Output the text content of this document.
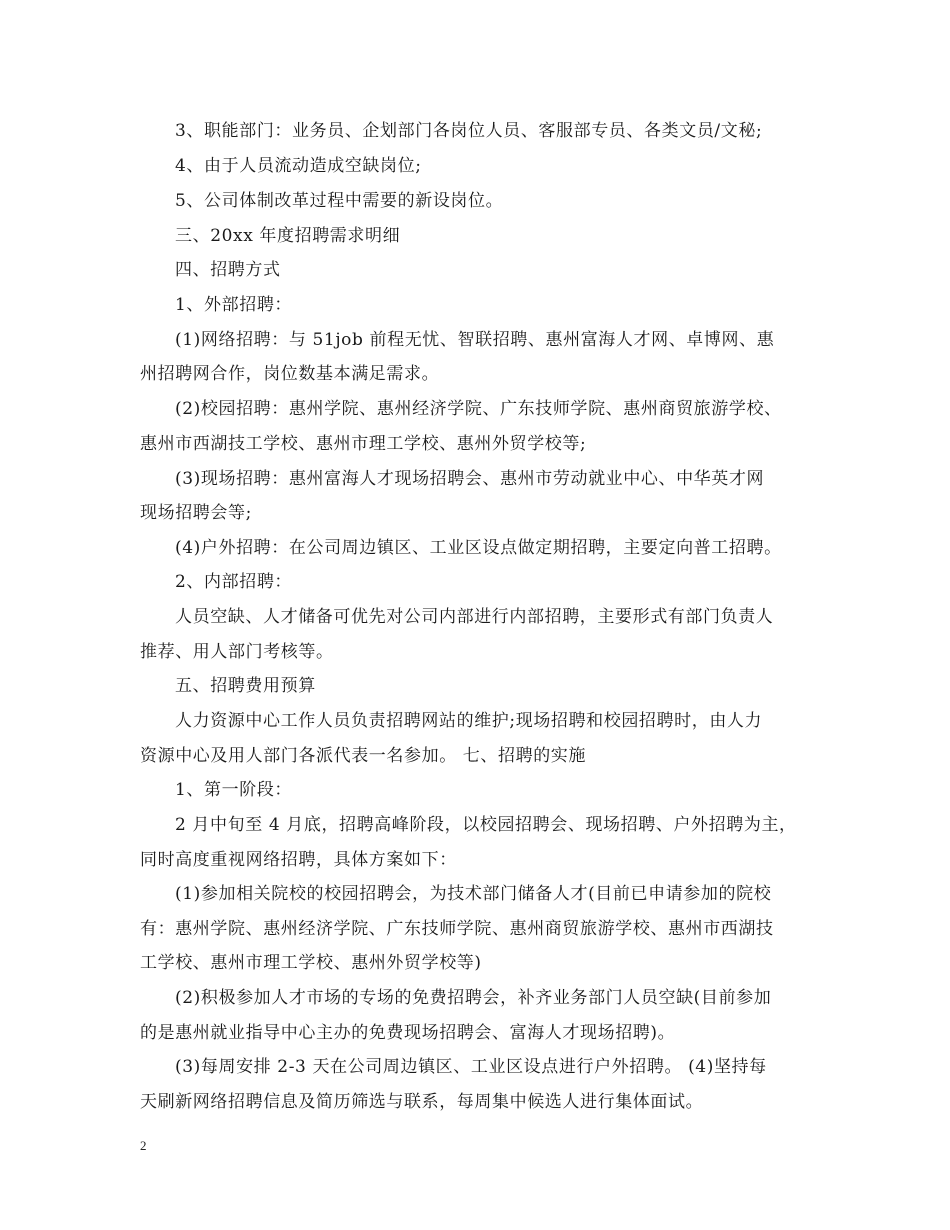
3、职能部门：业务员、企划部门各岗位人员、客服部专员、各类文员/文秘;
4、由于人员流动造成空缺岗位;
5、公司体制改革过程中需要的新设岗位。
三、20xx 年度招聘需求明细
四、招聘方式
1、外部招聘：
(1)网络招聘：与 51job 前程无忧、智联招聘、惠州富海人才网、卓博网、惠
州招聘网合作，岗位数基本满足需求。
(2)校园招聘：惠州学院、惠州经济学院、广东技师学院、惠州商贸旅游学校、
惠州市西湖技工学校、惠州市理工学校、惠州外贸学校等;
(3)现场招聘：惠州富海人才现场招聘会、惠州市劳动就业中心、中华英才网
现场招聘会等;
(4)户外招聘：在公司周边镇区、工业区设点做定期招聘，主要定向普工招聘。
2、内部招聘：
人员空缺、人才储备可优先对公司内部进行内部招聘，主要形式有部门负责人
推荐、用人部门考核等。
五、招聘费用预算
人力资源中心工作人员负责招聘网站的维护;现场招聘和校园招聘时，由人力
资源中心及用人部门各派代表一名参加。 七、招聘的实施
1、第一阶段：
2 月中旬至 4 月底，招聘高峰阶段，以校园招聘会、现场招聘、户外招聘为主，
同时高度重视网络招聘，具体方案如下：
(1)参加相关院校的校园招聘会，为技术部门储备人才(目前已申请参加的院校
有：惠州学院、惠州经济学院、广东技师学院、惠州商贸旅游学校、惠州市西湖技
工学校、惠州市理工学校、惠州外贸学校等)
(2)积极参加人才市场的专场的免费招聘会，补齐业务部门人员空缺(目前参加
的是惠州就业指导中心主办的免费现场招聘会、富海人才现场招聘)。
(3)每周安排 2-3 天在公司周边镇区、工业区设点进行户外招聘。 (4)坚持每
天刷新网络招聘信息及简历筛选与联系，每周集中候选人进行集体面试。
2
